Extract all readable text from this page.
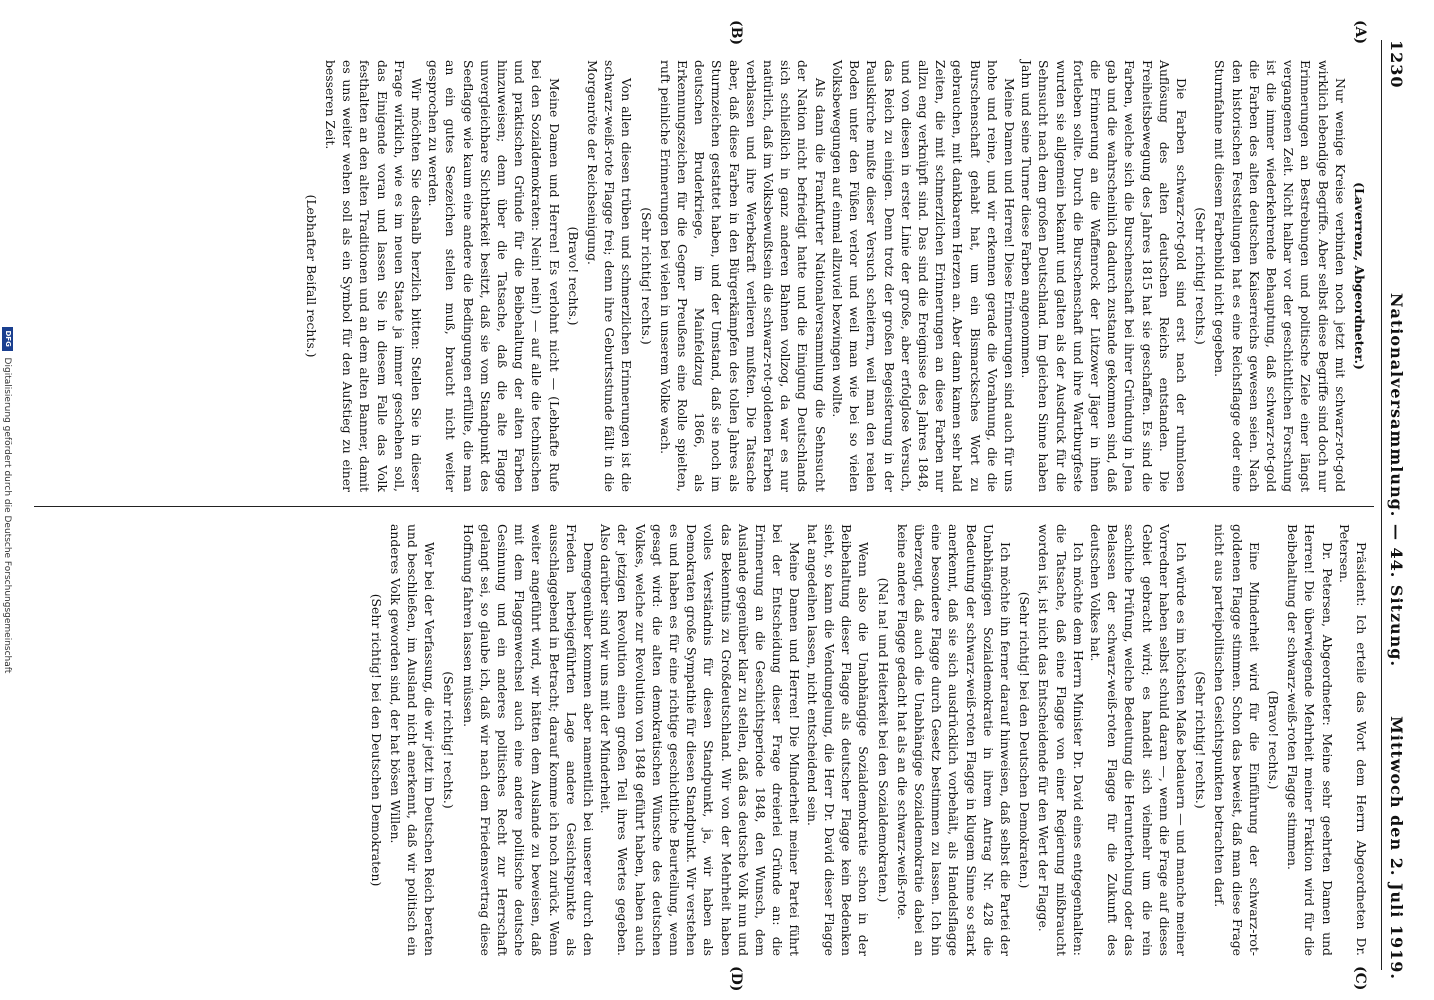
1230
Nationalversammlung. — 44. Sitzung.
Mittwoch den 2. Juli 1919.
(A)
(B)
(C)
(D)

(Laverrenz, Abgeordneter.)

Nur wenige Kreise verbinden noch jetzt mit schwarz-rot-gold wirklich lebendige Begriffe. Aber selbst diese Begriffe sind doch nur Erinnerungen an Bestrebungen und politische Ziele einer längst vergangenen Zeit. Nicht halbar vor der geschichtlichen Forschung ist die immer wiederkehrende Behauptung, daß schwarz-rot-gold die Farben des alten deutschen Kaiserreichs gewesen seien. Nach den historischen Feststellungen hat es eine Reichsflagge oder eine Sturmfahne mit diesem Farbenbild nicht gegeben.

(Sehr richtig! rechts.)

Die Farben schwarz-rot-gold sind erst nach der ruhmlosen Auflösung des alten deutschen Reichs entstanden. Die Freiheitsbewegung des Jahres 1815 hat sie geschaffen. Es sind die Farben, welche sich die Burschenschaft bei ihrer Gründung in Jena gab und die wahrscheinlich dadurch zustande gekommen sind, daß die Erinnerung an die Waffenrock der Lützower Jäger in ihnen fortleben sollte. Durch die Burschenschaft und ihre Wartburgfeste wurden sie allgemein bekannt und galten als der Ausdruck für die Sehnsucht nach dem großen Deutschland. Im gleichen Sinne haben Jahn und seine Turner diese Farben angenommen.

Meine Damen und Herren! Diese Erinnerungen sind auch für uns hohe und reine, und wir erkennen gerade die Vorahnung, die die Burschenschaft gehabt hat, um ein Bismarcksches Wort zu gebrauchen, mit dankbarem Herzen an. Aber dann kamen sehr bald Zeiten, die mit schmerzlichen Erinnerungen an diese Farben nur allzu eng verknüpft sind. Das sind die Ereignisse des Jahres 1848, und von diesen in erster Linie der große, aber erfolglose Versuch, das Reich zu einigen. Denn trotz der großen Begeisterung in der Paulskirche mußte dieser Versuch scheitern, weil man den realen Boden unter den Füßen verlor und weil man wie bei so vielen Volksbewegungen auf einmal allzuviel bezwingen wollte.

Als dann die Frankfurter Nationalversammlung die Sehnsucht der Nation nicht befriedigt hatte und die Einigung Deutschlands sich schließlich in ganz anderen Bahnen vollzog, da war es nur natürlich, daß im Volksbewußtsein die schwarz-rot-goldenen Farben verblassen und ihre Werbekraft verlieren mußten. Die Tatsache aber, daß diese Farben in den Bürgerkämpfen des tollen Jahres als Sturmzeichen gestattet haben, und der Umstand, daß sie noch im deutschen Bruderkriege, im Mainfeldzug 1866, als Erkennungszeichen für die Gegner Preußens eine Rolle spielten, ruft peinliche Erinnerungen bei vielen in unserem Volke wach.

(Sehr richtig! rechts.)

Von allen diesen trüben und schmerzlichen Erinnerungen ist die schwarz-weiß-rote Flagge frei; denn ihre Geburtsstunde fällt in die Morgenröte der Reichseinigung.

(Bravo! rechts.)

Meine Damen und Herren! Es verlohnt nicht — (Lebhafte Rufe bei den Sozialdemokraten: Nein! nein!) — auf alle die technischen und praktischen Gründe für die Beibehaltung der alten Farben hinzuweisen; denn über die Tatsache, daß die alte Flagge unvergleichbare Sichtbarkeit besitzt, daß sie vom Standpunkt des Seeflagge wie kaum eine andere die Bedingungen erfüllte, die man an ein gutes Seezeichen stellen muß, braucht nicht weiter gesprochen zu werden.

Wir möchten Sie deshalb herzlich bitten: Stellen Sie in dieser Frage wirklich, wie es im neuen Staate ja immer geschehen soll, das Einigende voran und lassen Sie in diesem Falle das Volk festhalten an den alten Traditionen und an dem alten Banner, damit es uns weiter wehen soll als ein Symbol für den Aufstieg zu einer besseren Zeit.

(Lebhafter Beifall rechts.)

Präsident: Ich erteile das Wort dem Herrn Abgeordneten Dr. Petersen.

Dr. Petersen, Abgeordneter: Meine sehr geehrten Damen und Herren! Die überwiegende Mehrheit meiner Fraktion wird für die Beibehaltung der schwarz-weiß-roten Flagge stimmen.

(Bravo! rechts.)

Eine Minderheit wird für die Einführung der schwarz-rot-goldenen Flagge stimmen. Schon das beweist, daß man diese Frage nicht aus parteipolitischen Gesichtspunkten betrachten darf.

(Sehr richtig! rechts.)

Ich würde es im höchsten Maße bedauern — und manche meiner Vorredner haben selbst schuld daran —, wenn die Frage auf dieses Gebiet gebracht wird; es handelt sich vielmehr um die rein sachliche Prüfung, welche Bedeutung die Herunterholung oder das Belassen der schwarz-weiß-roten Flagge für die Zukunft des deutschen Volkes hat.

Ich möchte dem Herrn Minister Dr. David eines entgegenhalten: die Tatsache, daß eine Flagge von einer Regierung mißbraucht worden ist, ist nicht das Entscheidende für den Wert der Flagge.

(Sehr richtig! bei den Deutschen Demokraten.)

Ich möchte ihn ferner darauf hinweisen, daß selbst die Partei der Unabhängigen Sozialdemokratie in ihrem Antrag Nr. 428 die Bedeutung der schwarz-weiß-roten Flagge in klugem Sinne so stark anerkennt, daß sie sich ausdrücklich vorbehält, als Handelsflagge eine besondere Flagge durch Gesetz bestimmen zu lassen. Ich bin überzeugt, daß auch die Unabhängige Sozialdemokratie dabei an keine andere Flagge gedacht hat als an die schwarz-weiß-rote.

(Na! na! und Heiterkeit bei den Sozialdemokraten.)

Wenn also die Unabhängige Sozialdemokratie schon in der Beibehaltung dieser Flagge als deutscher Flagge kein Bedenken sieht, so kann die Vendungelung, die Herr Dr. David dieser Flagge hat angedeihen lassen, nicht entscheidend sein.

Meine Damen und Herren! Die Minderheit meiner Partei führt bei der Entscheidung dieser Frage dreierlei Gründe an: die Erinnerung an die Geschichtsperiode 1848, den Wunsch, dem Auslande gegenüber klar zu stellen, daß das deutsche Volk nun und das Bekenntnis zu Großdeutschland. Wir von der Mehrheit haben volles Verständnis für diesen Standpunkt, ja, wir haben als Demokraten große Sympathie für diesen Standpunkt. Wir verstehen es und haben es für eine richtige geschichtliche Beurteilung, wenn gesagt wird: die alten demokratischen Wünsche des deutschen Volkes, welche zur Revolution von 1848 geführt haben, haben auch der jetzigen Revolution einen großen Teil ihres Wertes gegeben. Also darüber sind wir uns mit der Minderheit.

Demgegenüber kommen aber namentlich bei unserer durch den Frieden herbeigeführten Lage andere Gesichtspunkte als ausschlaggebend in Betracht; darauf komme ich noch zurück. Wenn weiter angeführt wird, wir hätten dem Auslande zu beweisen, daß mit dem Flaggenwechsel auch eine andere politische deutsche Gesinnung und ein anderes politisches Recht zur Herrschaft gelangt sei, so glaube ich, daß wir nach dem Friedensvertrag diese Hoffnung fahren lassen müssen.

(Sehr richtig! rechts.)

Wer bei der Verfassung, die wir jetzt im Deutschen Reich beraten und beschließen, im Ausland nicht anerkennt, daß wir politisch ein anderes Volk geworden sind, der hat bösen Willen.

(Sehr richtig! bei den Deutschen Demokraten)

DFG Digitalisierung gefördert durch die Deutsche Forschungsgemeinschaft
